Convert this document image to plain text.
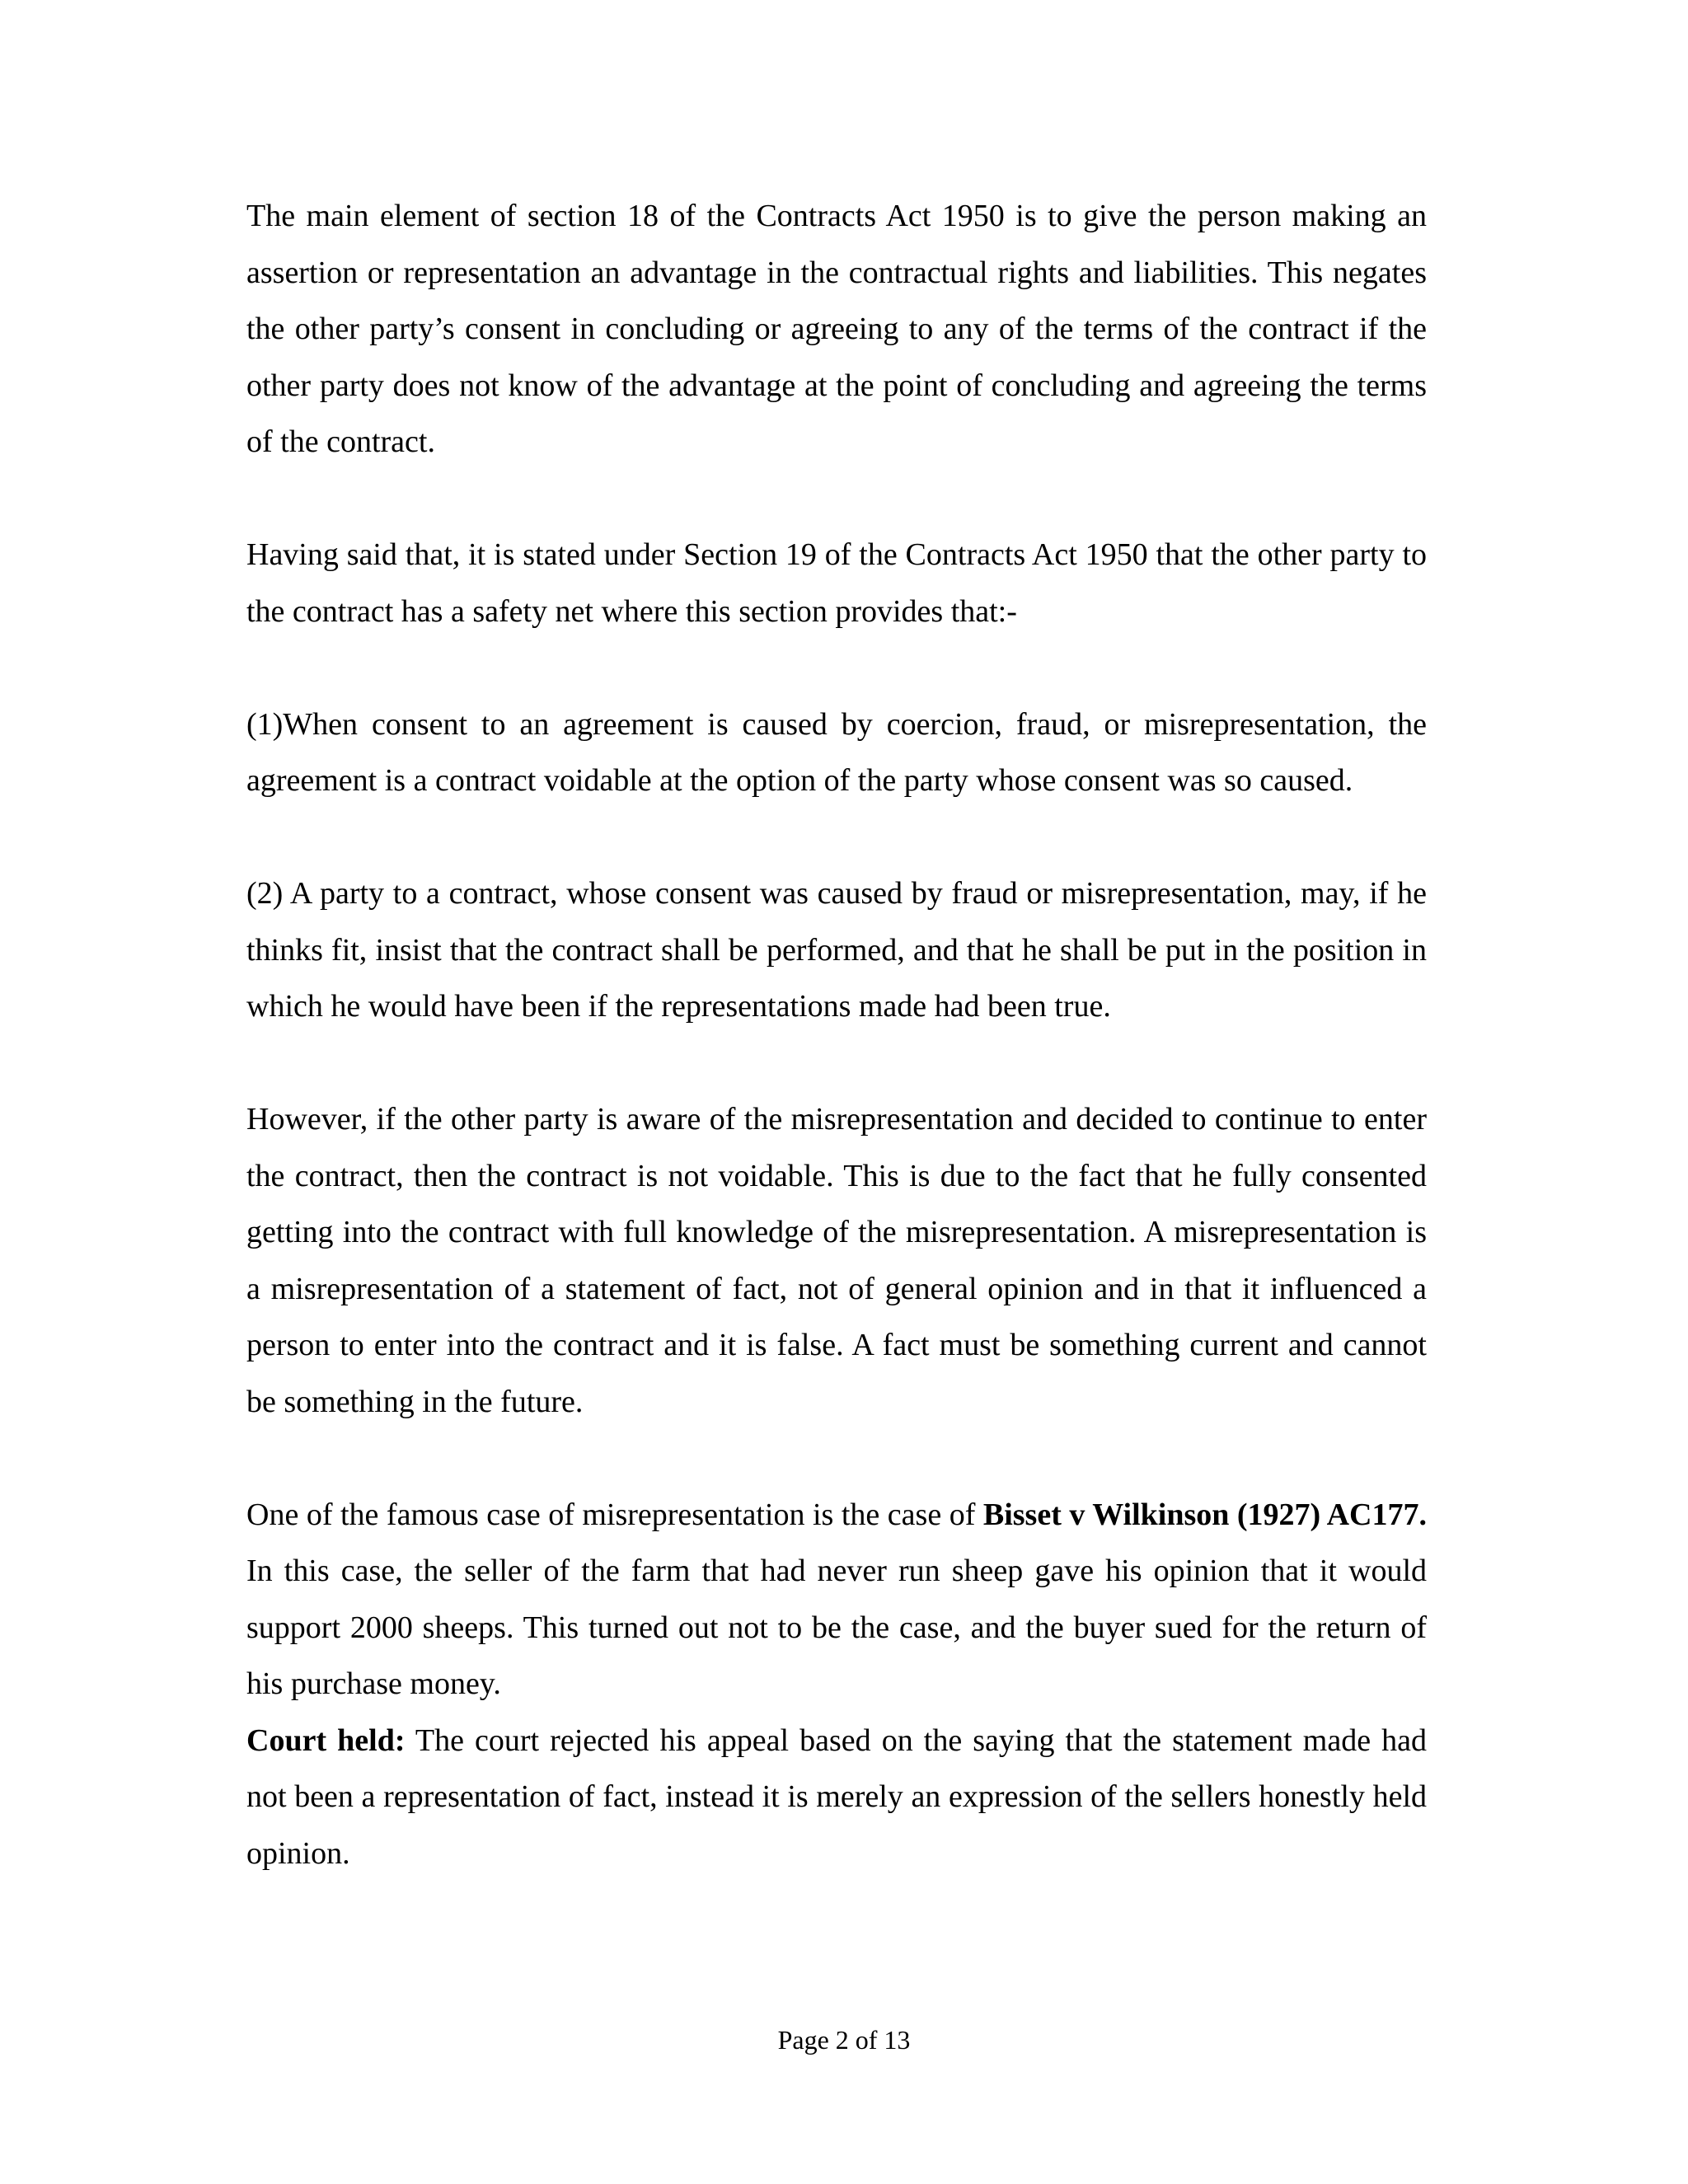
The main element of section 18 of the Contracts Act 1950 is to give the person making an assertion or representation an advantage in the contractual rights and liabilities. This negates the other party’s consent in concluding or agreeing to any of the terms of the contract if the other party does not know of the advantage at the point of concluding and agreeing the terms of the contract.

Having said that, it is stated under Section 19 of the Contracts Act 1950 that the other party to the contract has a safety net where this section provides that:-

(1)When consent to an agreement is caused by coercion, fraud, or misrepresentation, the agreement is a contract voidable at the option of the party whose consent was so caused.

(2) A party to a contract, whose consent was caused by fraud or misrepresentation, may, if he thinks fit, insist that the contract shall be performed, and that he shall be put in the position in which he would have been if the representations made had been true.

However, if the other party is aware of the misrepresentation and decided to continue to enter the contract, then the contract is not voidable. This is due to the fact that he fully consented getting into the contract with full knowledge of the misrepresentation. A misrepresentation is a misrepresentation of a statement of fact, not of general opinion and in that it influenced a person to enter into the contract and it is false. A fact must be something current and cannot be something in the future.

One of the famous case of misrepresentation is the case of Bisset v Wilkinson (1927) AC177. In this case, the seller of the farm that had never run sheep gave his opinion that it would support 2000 sheeps. This turned out not to be the case, and the buyer sued for the return of his purchase money.

Court held: The court rejected his appeal based on the saying that the statement made had not been a representation of fact, instead it is merely an expression of the sellers honestly held opinion.

Page 2 of 13
